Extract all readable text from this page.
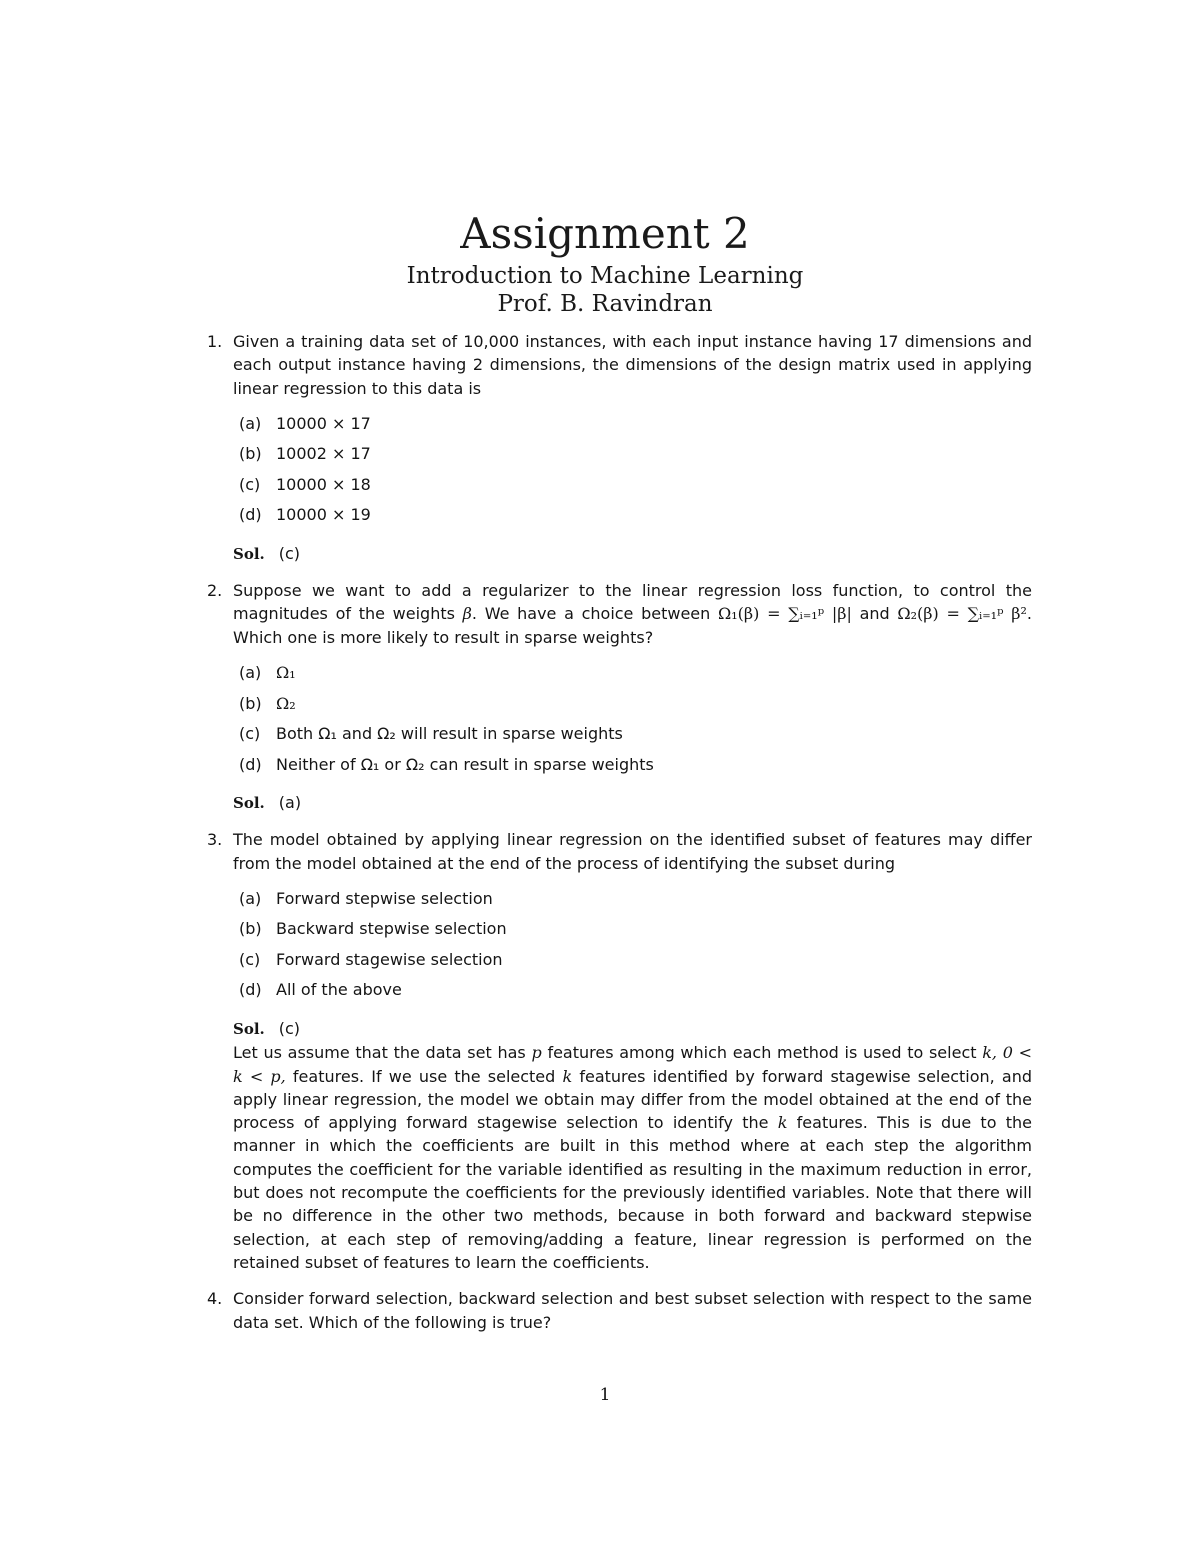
Assignment 2
Introduction to Machine Learning
Prof. B. Ravindran
1. Given a training data set of 10,000 instances, with each input instance having 17 dimensions and each output instance having 2 dimensions, the dimensions of the design matrix used in applying linear regression to this data is
(a) 10000 × 17
(b) 10002 × 17
(c) 10000 × 18
(d) 10000 × 19
Sol. (c)
2. Suppose we want to add a regularizer to the linear regression loss function, to control the magnitudes of the weights β. We have a choice between Ω₁(β) = ∑ᵢ₌₁ᵖ |β| and Ω₂(β) = ∑ᵢ₌₁ᵖ β². Which one is more likely to result in sparse weights?
(a) Ω₁
(b) Ω₂
(c) Both Ω₁ and Ω₂ will result in sparse weights
(d) Neither of Ω₁ or Ω₂ can result in sparse weights
Sol. (a)
3. The model obtained by applying linear regression on the identified subset of features may differ from the model obtained at the end of the process of identifying the subset during
(a) Forward stepwise selection
(b) Backward stepwise selection
(c) Forward stagewise selection
(d) All of the above
Sol. (c)
Let us assume that the data set has p features among which each method is used to select k, 0 < k < p, features. If we use the selected k features identified by forward stagewise selection, and apply linear regression, the model we obtain may differ from the model obtained at the end of the process of applying forward stagewise selection to identify the k features. This is due to the manner in which the coefficients are built in this method where at each step the algorithm computes the coefficient for the variable identified as resulting in the maximum reduction in error, but does not recompute the coefficients for the previously identified variables. Note that there will be no difference in the other two methods, because in both forward and backward stepwise selection, at each step of removing/adding a feature, linear regression is performed on the retained subset of features to learn the coefficients.
4. Consider forward selection, backward selection and best subset selection with respect to the same data set. Which of the following is true?
1
